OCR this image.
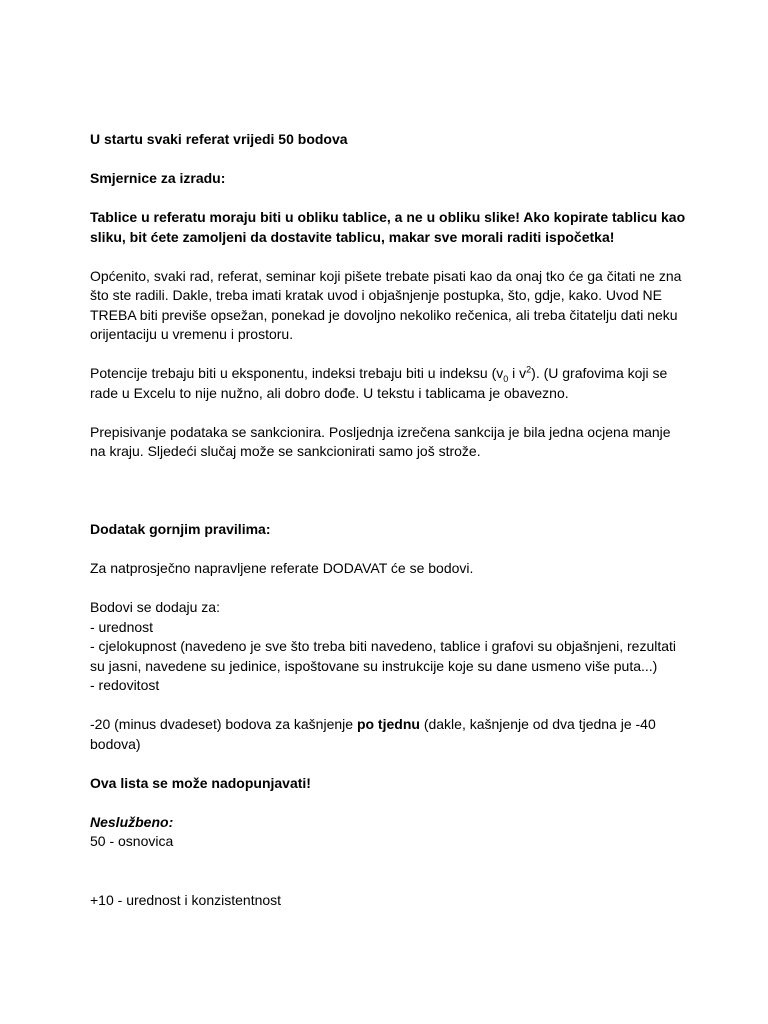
U startu svaki referat vrijedi 50 bodova

Smjernice za izradu:

Tablice u referatu moraju biti u obliku tablice, a ne u obliku slike! Ako kopirate tablicu kao sliku, bit ćete zamoljeni da dostavite tablicu, makar sve morali raditi ispočetka!

Općenito, svaki rad, referat, seminar koji pišete trebate pisati kao da onaj tko će ga čitati ne zna što ste radili. Dakle, treba imati kratak uvod i objašnjenje postupka, što, gdje, kako. Uvod NE TREBA biti previše opsežan, ponekad je dovoljno nekoliko rečenica, ali treba čitatelju dati neku orijentaciju u vremenu i prostoru.

Potencije trebaju biti u eksponentu, indeksi trebaju biti u indeksu ($v_0$ i $v^2$). (U grafovima koji se rade u Excelu to nije nužno, ali dobro dođe. U tekstu i tablicama je obavezno.

Prepisivanje podataka se sankcionira. Posljednja izrečena sankcija je bila jedna ocjena manje na kraju. Sljedeći slučaj može se sankcionirati samo još strože.

Dodatak gornjim pravilima:

Za natprosječno napravljene referate DODAVAT će se bodovi.

Bodovi se dodaju za:
- urednost
- cjelokupnost (navedeno je sve što treba biti navedeno, tablice i grafovi su objašnjeni, rezultati su jasni, navedene su jedinice, ispoštovane su instrukcije koje su dane usmeno više puta...)
- redovitost

-20 (minus dvadeset) bodova za kašnjenje po tjednu (dakle, kašnjenje od dva tjedna je -40 bodova)

Ova lista se može nadopunjavati!

Neslužbeno:

50 - osnovica

+10 - urednost i konzistentnost
